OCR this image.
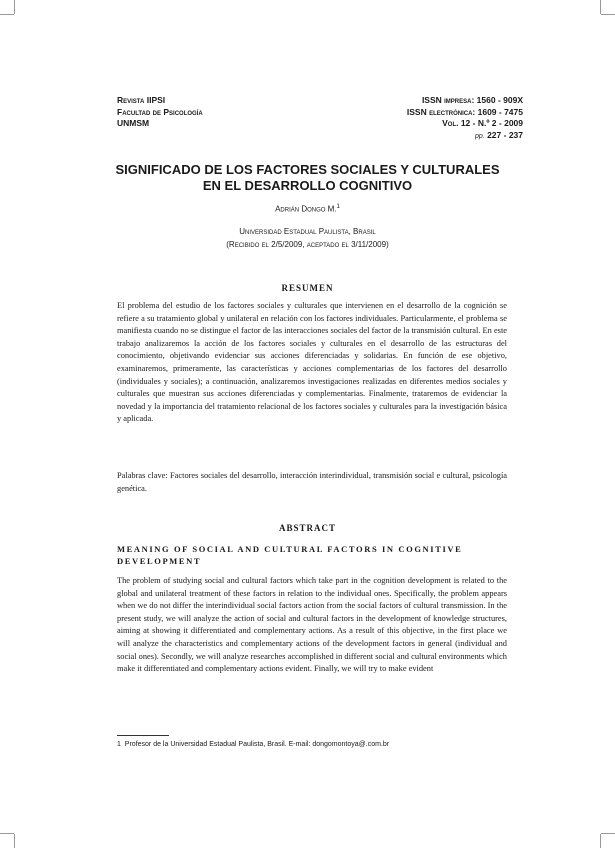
Revista IIPSI
Facultad de Psicología
UNMSM
ISSN impresa: 1560 - 909X
ISSN electrónica: 1609 - 7475
Vol. 12 - N.º 2 - 2009
pp. 227 - 237
SIGNIFICADO DE LOS FACTORES SOCIALES Y CULTURALES
EN EL DESARROLLO COGNITIVO
Adrián Dongo M.$^1$
Universidad Estadual Paulista, Brasil
(Recibido el 2/5/2009, aceptado el 3/11/2009)
RESUMEN
El problema del estudio de los factores sociales y culturales que intervienen en el desarrollo de la cognición se refiere a su tratamiento global y unilateral en relación con los factores individuales. Particularmente, el problema se manifiesta cuando no se distingue el factor de las interacciones sociales del factor de la transmisión cultural. En este trabajo analizaremos la acción de los factores sociales y culturales en el desarrollo de las estructuras del conocimiento, objetivando evidenciar sus acciones diferenciadas y solidarias. En función de ese objetivo, examinaremos, primeramente, las características y acciones complementarias de los factores del desarrollo (individuales y sociales); a continuación, analizaremos investigaciones realizadas en diferentes medios sociales y culturales que muestran sus acciones diferenciadas y complementarias. Finalmente, trataremos de evidenciar la novedad y la importancia del tratamiento relacional de los factores sociales y culturales para la investigación básica y aplicada.
Palabras clave: Factores sociales del desarrollo, interacción interindividual, transmisión social e cultural, psicología genética.
ABSTRACT
MEANING OF SOCIAL AND CULTURAL FACTORS IN COGNITIVE DEVELOPMENT
The problem of studying social and cultural factors which take part in the cognition development is related to the global and unilateral treatment of these factors in relation to the individual ones. Specifically, the problem appears when we do not differ the interindividual social factors action from the social factors of cultural transmission. In the present study, we will analyze the action of social and cultural factors in the development of knowledge structures, aiming at showing it differentiated and complementary actions. As a result of this objective, in the first place we will analyze the characteristics and complementary actions of the development factors in general (individual and social ones). Secondly, we will analyze researches accomplished in different social and cultural environments which make it differentiated and complementary actions evident. Finally, we will try to make evident
1 Profesor de la Universidad Estadual Paulista, Brasil. E-mail: dongomontoya@.com.br
